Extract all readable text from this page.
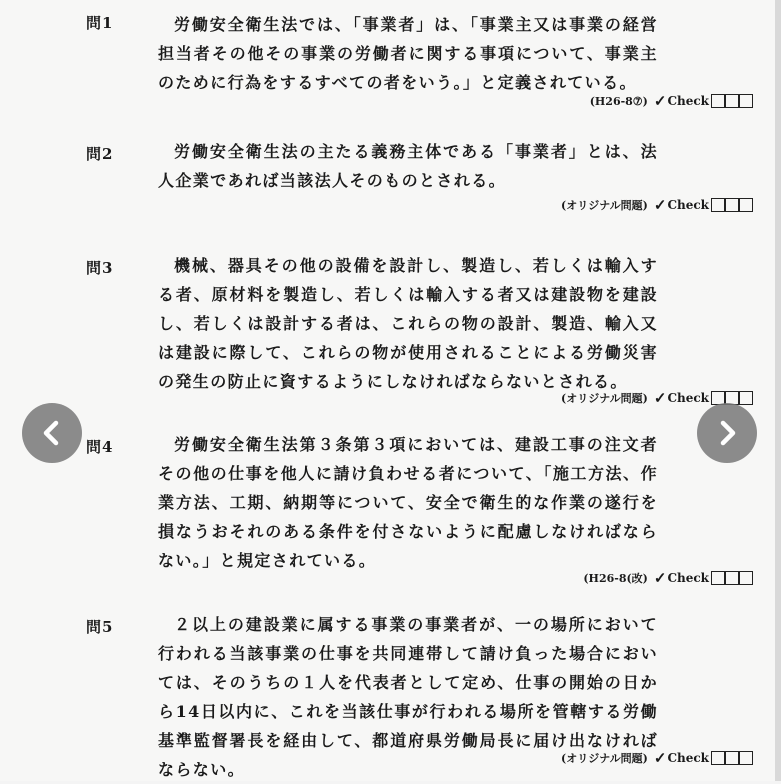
問1	労働安全衛生法では、「事業者」は、「事業主又は事業の経営担当者その他その事業の労働者に関する事項について、事業主のために行為をするすべての者をいう。」と定義されている。
(H26-8⑦) ✓ Check
問2	労働安全衛生法の主たる義務主体である「事業者」とは、法人企業であれば当該法人そのものとされる。
(オリジナル問題) ✓ Check
問3	機械、器具その他の設備を設計し、製造し、若しくは輸入する者、原材料を製造し、若しくは輸入する者又は建設物を建設し、若しくは設計する者は、これらの物の設計、製造、輸入又は建設に際して、これらの物が使用されることによる労働災害の発生の防止に資するようにしなければならないとされる。
(オリジナル問題) ✓ Check
問4	労働安全衛生法第３条第３項においては、建設工事の注文者その他の仕事を他人に請け負わせる者について、「施工方法、作業方法、工期、納期等について、安全で衛生的な作業の遂行を損なうおそれのある条件を付さないように配慮しなければならない。」と規定されている。
(H26-8(改) ✓ Check
問5	２以上の建設業に属する事業の事業者が、一の場所において行われる当該事業の仕事を共同連帯して請け負った場合においては、そのうちの１人を代表者として定め、仕事の開始の日から14日以内に、これを当該仕事が行われる場所を管轄する労働基準監督署長を経由して、都道府県労働局長に届け出なければならない。
(オリジナル問題) ✓ Check
